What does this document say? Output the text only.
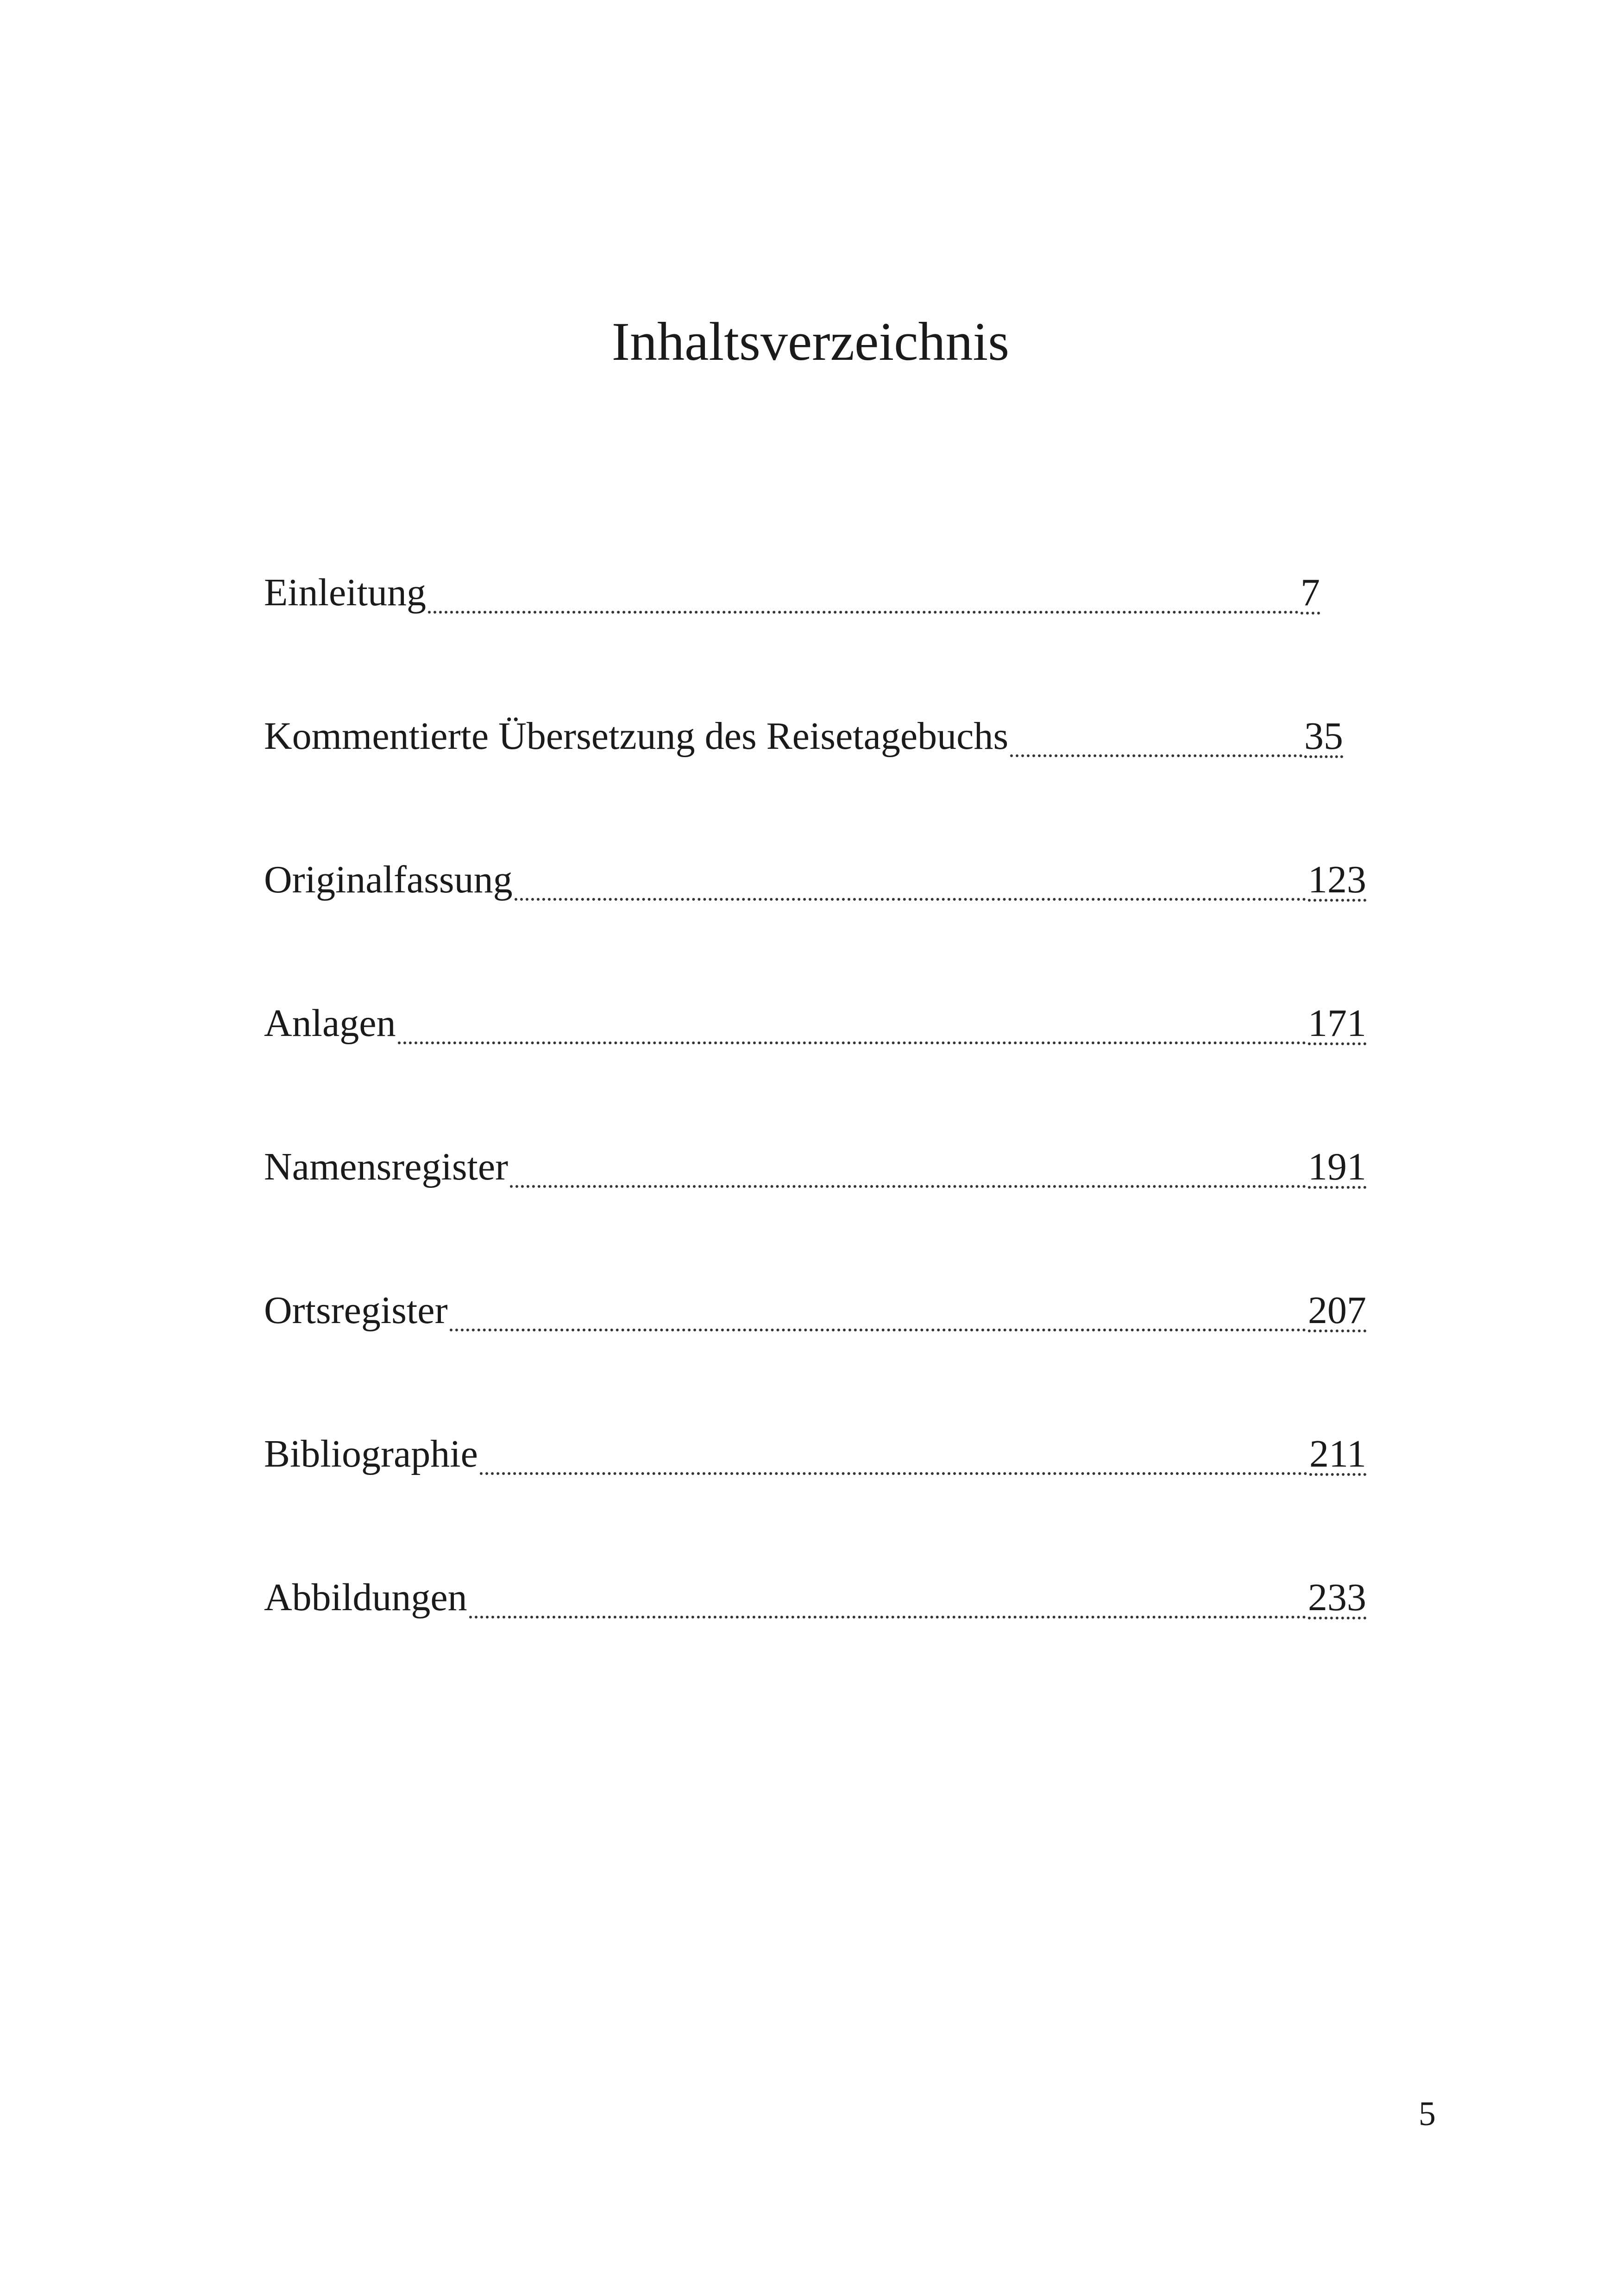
Inhaltsverzeichnis
Einleitung	7
Kommentierte Übersetzung des Reisetagebuchs	35
Originalfassung	123
Anlagen	171
Namensregister	191
Ortsregister	207
Bibliographie	211
Abbildungen	233
5
